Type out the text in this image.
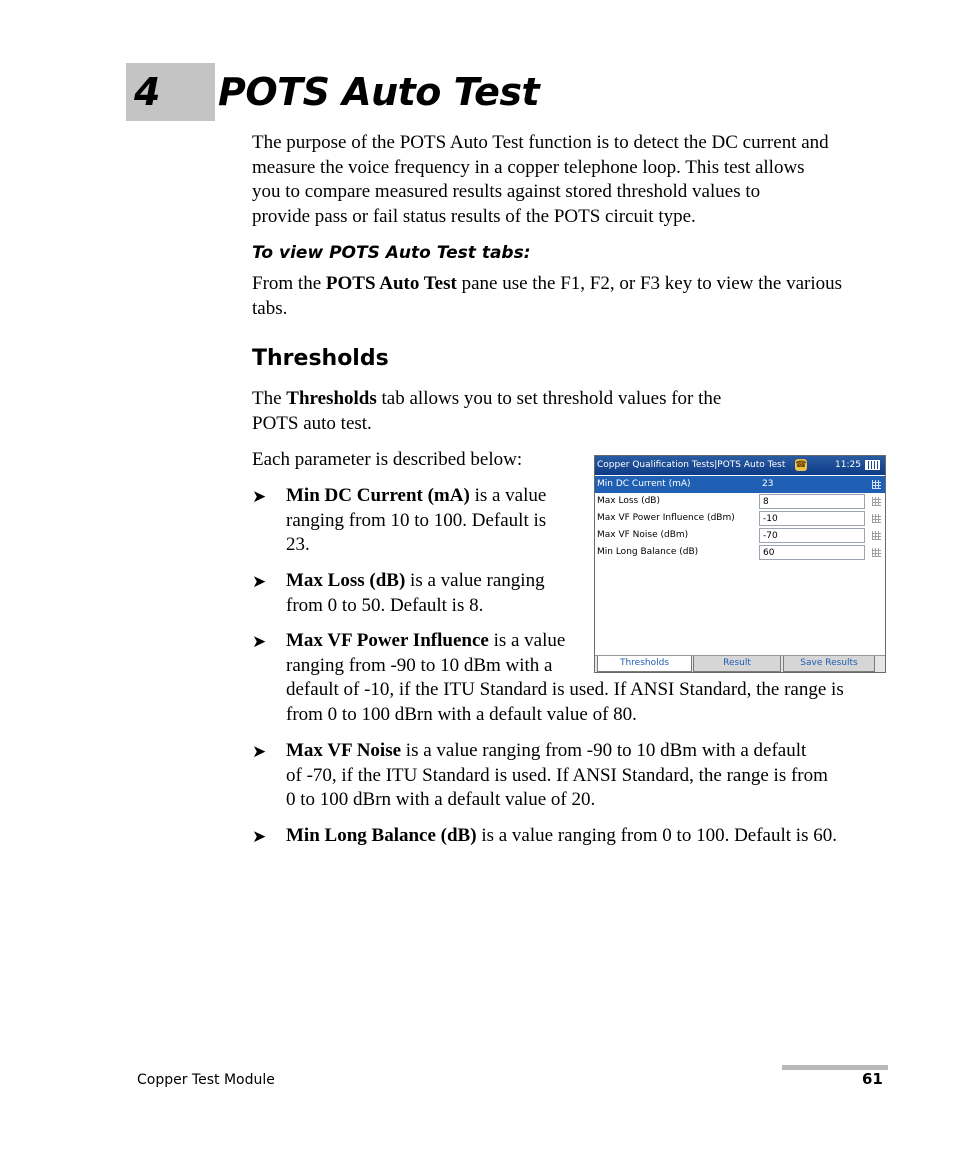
4 POTS Auto Test
The purpose of the POTS Auto Test function is to detect the DC current and
measure the voice frequency in a copper telephone loop. This test allows
you to compare measured results against stored threshold values to
provide pass or fail status results of the POTS circuit type.
To view POTS Auto Test tabs:
From the POTS Auto Test pane use the F1, F2, or F3 key to view the various
tabs.
Thresholds
The Thresholds tab allows you to set threshold values for the
POTS auto test.
Each parameter is described below:
➤ Min DC Current (mA) is a value
ranging from 10 to 100. Default is
23.
➤ Max Loss (dB) is a value ranging
from 0 to 50. Default is 8.
➤ Max VF Power Influence is a value
ranging from -90 to 10 dBm with a
default of -10, if the ITU Standard is used. If ANSI Standard, the range is
from 0 to 100 dBrn with a default value of 80.
➤ Max VF Noise is a value ranging from -90 to 10 dBm with a default
of -70, if the ITU Standard is used. If ANSI Standard, the range is from
0 to 100 dBrn with a default value of 20.
➤ Min Long Balance (dB) is a value ranging from 0 to 100. Default is 60.
Copper Qualification Tests|POTS Auto Test ☎	11:25
Min DC Current (mA)	23
Max Loss (dB)	8
Max VF Power Influence (dBm)	-10
Max VF Noise (dBm)	-70
Min Long Balance (dB)	60
Thresholds	Result	Save Results
Copper Test Module	61
